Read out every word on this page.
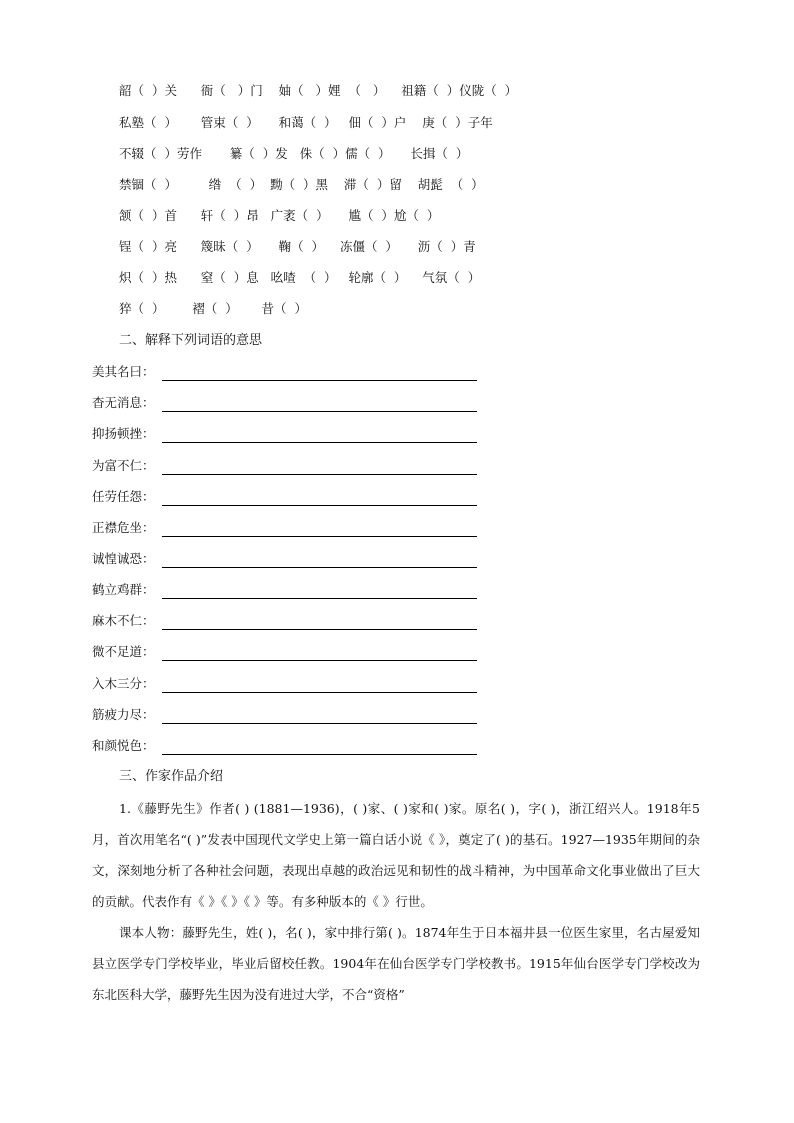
韶（  ）关      衙（   ）门    妯（   ）娌  （   ）    祖籍（  ）仪陇（  ）
私塾（  ）      管束（  ）     和蔼（  ）   佃（  ）户    庚（  ）子年
不辍（  ）劳作       纂（  ）发   侏（  ）儒（  ）     长揖（  ）
禁锢（  ）        绺  （  ）  黝（  ）黑    滞（  ）留    胡髭  （  ）
颔（  ）首      轩（  ）昂   广袤（  ）     尴（  ）尬（  ）
锃（  ）亮      篾昧（  ）     鞠（  ）    冻僵（  ）     沥（  ）青
炽（  ）热      窒（  ）息   吆喳  （  ）   轮廓（  ）    气氛（  ）
猝（  ）       褶（  ）      昔（  ）
二、解释下列词语的意思
美其名曰：
杳无消息：
抑扬顿挫：
为富不仁：
任劳任怨：
正襟危坐：
诚惶诚恐：
鹤立鸡群：
麻木不仁：
微不足道：
入木三分：
筋疲力尽：
和颜悦色：
三、作家作品介绍

1.《藤野先生》作者( ) (1881—1936)，( )家、( )家和( )家。原名( )，字( )，浙江绍兴人。1918年5月，首次用笔名“( )”发表中国现代文学史上第一篇白话小说《 》，奠定了( )的基石。1927—1935年期间的杂文，深刻地分析了各种社会问题，表现出卓越的政治远见和韧性的战斗精神，为中国革命文化事业做出了巨大的贡献。代表作有《 》《 》《 》等。有多种版本的《 》行世。

课本人物：藤野先生，姓( )，名( )，家中排行第( )。1874年生于日本福井县一位医生家里，名古屋爱知县立医学专门学校毕业，毕业后留校任教。1904年在仙台医学专门学校教书。1915年仙台医学专门学校改为东北医科大学，藤野先生因为没有进过大学，不合“资格”
